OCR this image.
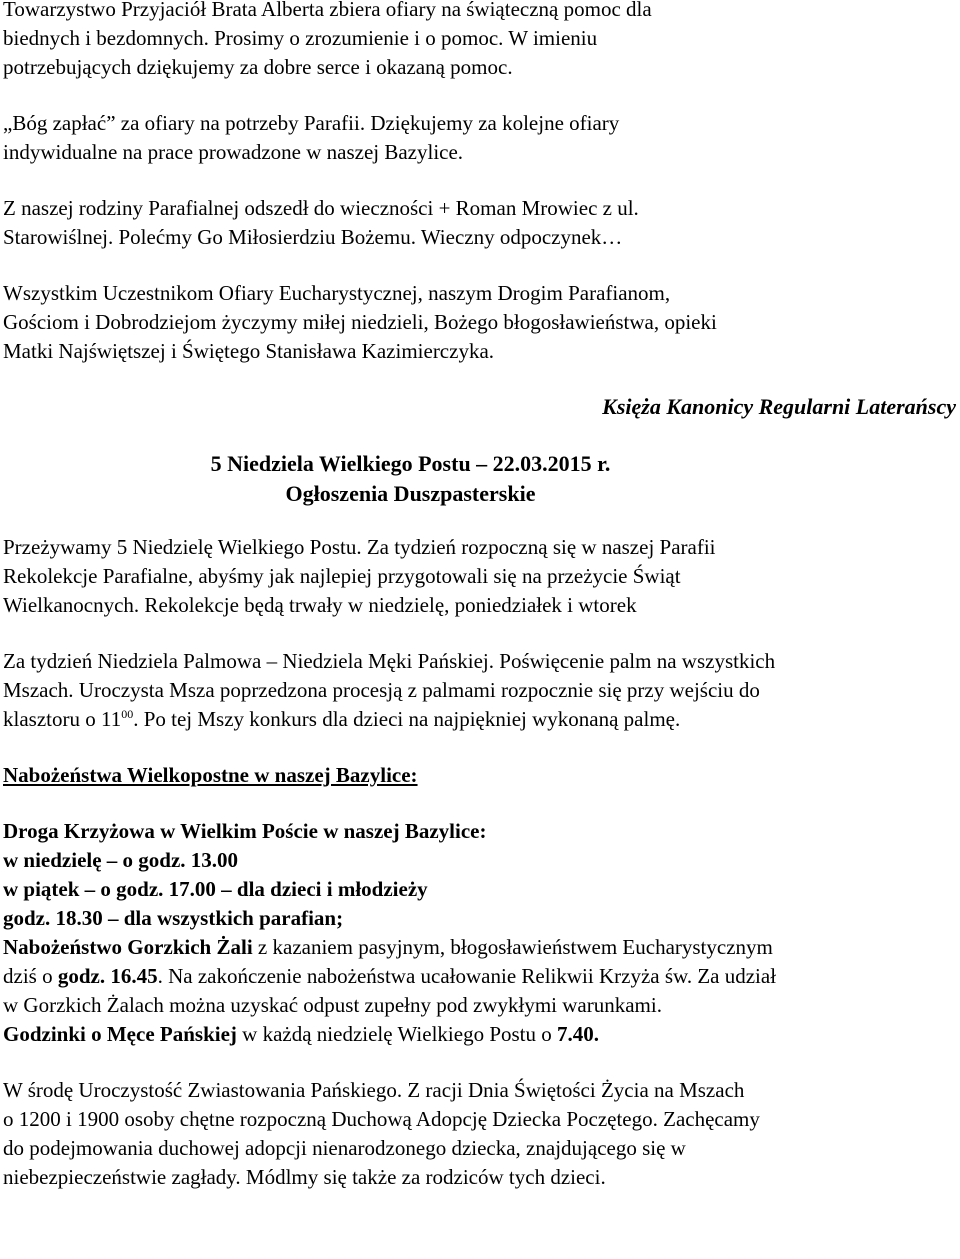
Towarzystwo Przyjaciół Brata Alberta zbiera ofiary na świąteczną pomoc dla

biednych i bezdomnych. Prosimy o zrozumienie i o pomoc. W imieniu

potrzebujących dziękujemy za dobre serce i okazaną pomoc.

„Bóg zapłać” za ofiary na potrzeby Parafii. Dziękujemy za kolejne ofiary

indywidualne na prace prowadzone w naszej Bazylice.

Z naszej rodziny Parafialnej odszedł do wieczności + Roman Mrowiec z ul.

Starowiślnej. Polećmy Go Miłosierdziu Bożemu. Wieczny odpoczynek…

Wszystkim Uczestnikom Ofiary Eucharystycznej, naszym Drogim Parafianom,

Gościom i Dobrodziejom życzymy miłej niedzieli, Bożego błogosławieństwa, opieki

Matki Najświętszej i Świętego Stanisława Kazimierczyka.

Księża Kanonicy Regularni Laterańscy

5 Niedziela Wielkiego Postu – 22.03.2015 r.

Ogłoszenia Duszpasterskie

Przeżywamy 5 Niedzielę Wielkiego Postu. Za tydzień rozpoczną się w naszej Parafii

Rekolekcje Parafialne, abyśmy jak najlepiej przygotowali się na przeżycie Świąt

Wielkanocnych. Rekolekcje będą trwały w niedzielę, poniedziałek i wtorek

Za tydzień Niedziela Palmowa – Niedziela Męki Pańskiej. Poświęcenie palm na wszystkich

Mszach. Uroczysta Msza poprzedzona procesją z palmami rozpocznie się przy wejściu do

klasztoru o $11^{00}$. Po tej Mszy konkurs dla dzieci na najpiękniej wykonaną palmę.

Nabożeństwa Wielkopostne w naszej Bazylice:

Droga Krzyżowa w Wielkim Poście w naszej Bazylice:

w niedzielę – o godz. 13.00

w piątek – o godz. 17.00 – dla dzieci i młodzieży

godz. 18.30 – dla wszystkich parafian;

Nabożeństwo Gorzkich Żali z kazaniem pasyjnym, błogosławieństwem Eucharystycznym

dziś o godz. 16.45. Na zakończenie nabożeństwa ucałowanie Relikwii Krzyża św. Za udział

w Gorzkich Żalach można uzyskać odpust zupełny pod zwykłymi warunkami.

Godzinki o Męce Pańskiej w każdą niedzielę Wielkiego Postu o 7.40.

W środę Uroczystość Zwiastowania Pańskiego. Z racji Dnia Świętości Życia na Mszach

o 1200 i 1900 osoby chętne rozpoczną Duchową Adopcję Dziecka Poczętego. Zachęcamy

do podejmowania duchowej adopcji nienarodzonego dziecka, znajdującego się w

niebezpieczeństwie zagłady. Módlmy się także za rodziców tych dzieci.
